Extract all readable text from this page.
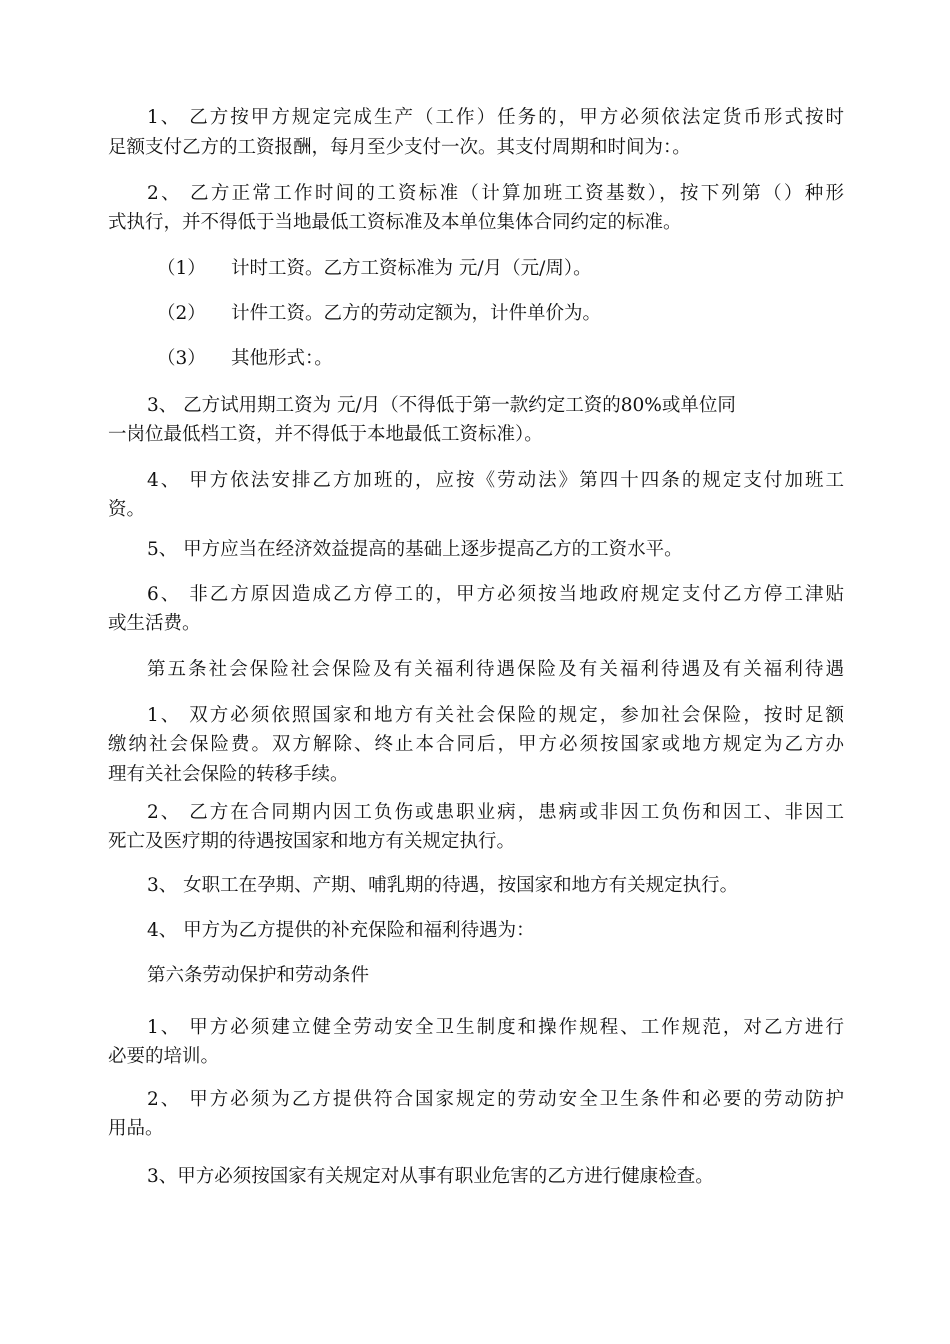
1、 乙方按甲方规定完成生产（工作）任务的，甲方必须依法定货币形式按时
足额支付乙方的工资报酬，每月至少支付一次。其支付周期和时间为：。
2、 乙方正常工作时间的工资标准（计算加班工资基数），按下列第（）种形
式执行，并不得低于当地最低工资标准及本单位集体合同约定的标准。
（1） 计时工资。乙方工资标准为 元/月（元/周）。
（2） 计件工资。乙方的劳动定额为，计件单价为。
（3） 其他形式：。
3、 乙方试用期工资为 元/月（不得低于第一款约定工资的80%或单位同
一岗位最低档工资，并不得低于本地最低工资标准）。
4、 甲方依法安排乙方加班的，应按《劳动法》第四十四条的规定支付加班工
资。
5、 甲方应当在经济效益提高的基础上逐步提高乙方的工资水平。
6、 非乙方原因造成乙方停工的，甲方必须按当地政府规定支付乙方停工津贴
或生活费。
第五条社会保险社会保险及有关福利待遇保险及有关福利待遇及有关福利待遇
1、 双方必须依照国家和地方有关社会保险的规定，参加社会保险，按时足额
缴纳社会保险费。双方解除、终止本合同后，甲方必须按国家或地方规定为乙方办
理有关社会保险的转移手续。
2、 乙方在合同期内因工负伤或患职业病，患病或非因工负伤和因工、非因工
死亡及医疗期的待遇按国家和地方有关规定执行。
3、 女职工在孕期、产期、哺乳期的待遇，按国家和地方有关规定执行。
4、 甲方为乙方提供的补充保险和福利待遇为：
第六条劳动保护和劳动条件
1、 甲方必须建立健全劳动安全卫生制度和操作规程、工作规范，对乙方进行
必要的培训。
2、 甲方必须为乙方提供符合国家规定的劳动安全卫生条件和必要的劳动防护
用品。
3、甲方必须按国家有关规定对从事有职业危害的乙方进行健康检查。
